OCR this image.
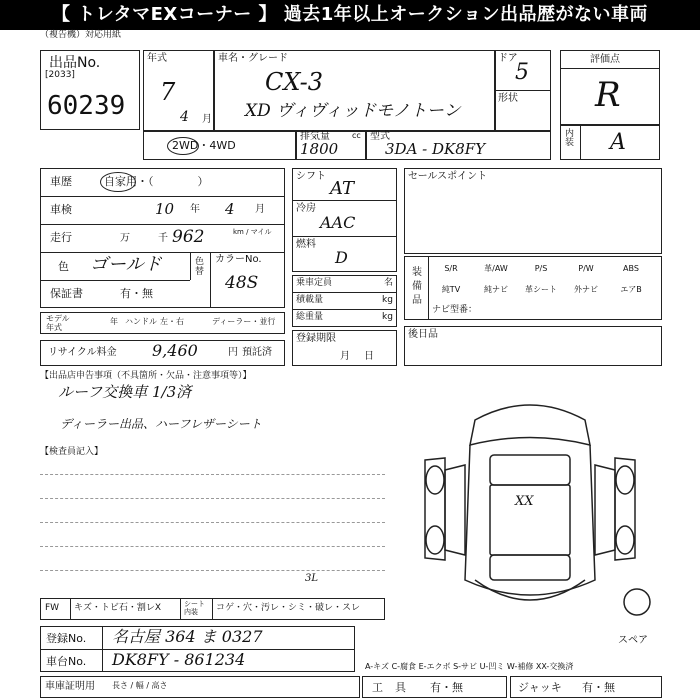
【 トレタマEXコーナー 】 過去1年以上オークション出品歴がない車両
（複告機）対応用紙
出品No.
[2033]
60239
年式
7
4 月
車名・グレード
CX-3
XD ヴィヴィッドモノトーン
ドア
5
形状
2WD・4WD
排気量	cc
1800
型式
3DA - DK8FY
評価点
R
内装 A
車歴	自家用・（　　　　）
車検	10 年 4 月
走行	万	千 962	km / マイル
色 ゴールド	色替
カラーNo.
48S
保証書	有・無
モデル年式
年 ハンドル 左・右	ディーラー・並行
リサイクル料金 9,460	円 預託済
シフト
AT
冷房
AAC
燃料
D
乗車定員	名
積載量	kg
総重量	kg
登録期限
月日
セールスポイント
装備品
S/R	革/AW	P/S	P/W	ABS
純TV	純ナビ	革シート	外ナビ	エアB
ナビ型番：
後日品
【出品店申告事項（不具箇所・欠品・注意事項等）】
ルーフ交換車 1/3済
ディーラー出品、ハーフレザーシート
【検査員記入】
XX
3L
スペア
FW キズ・トビ石・割レX	シート内装	コゲ・穴・汚レ・シミ・破レ・スレ
登録No. 名古屋 364 ま 0327
車台No. DK8FY - 861234	A-キズ C-腐食 E-エクボ S-サビ U-凹ミ W-補修 XX-交換済
車庫証明用 長さ / 幅 / 高さ	工具 有・無	ジャッキ 有・無
